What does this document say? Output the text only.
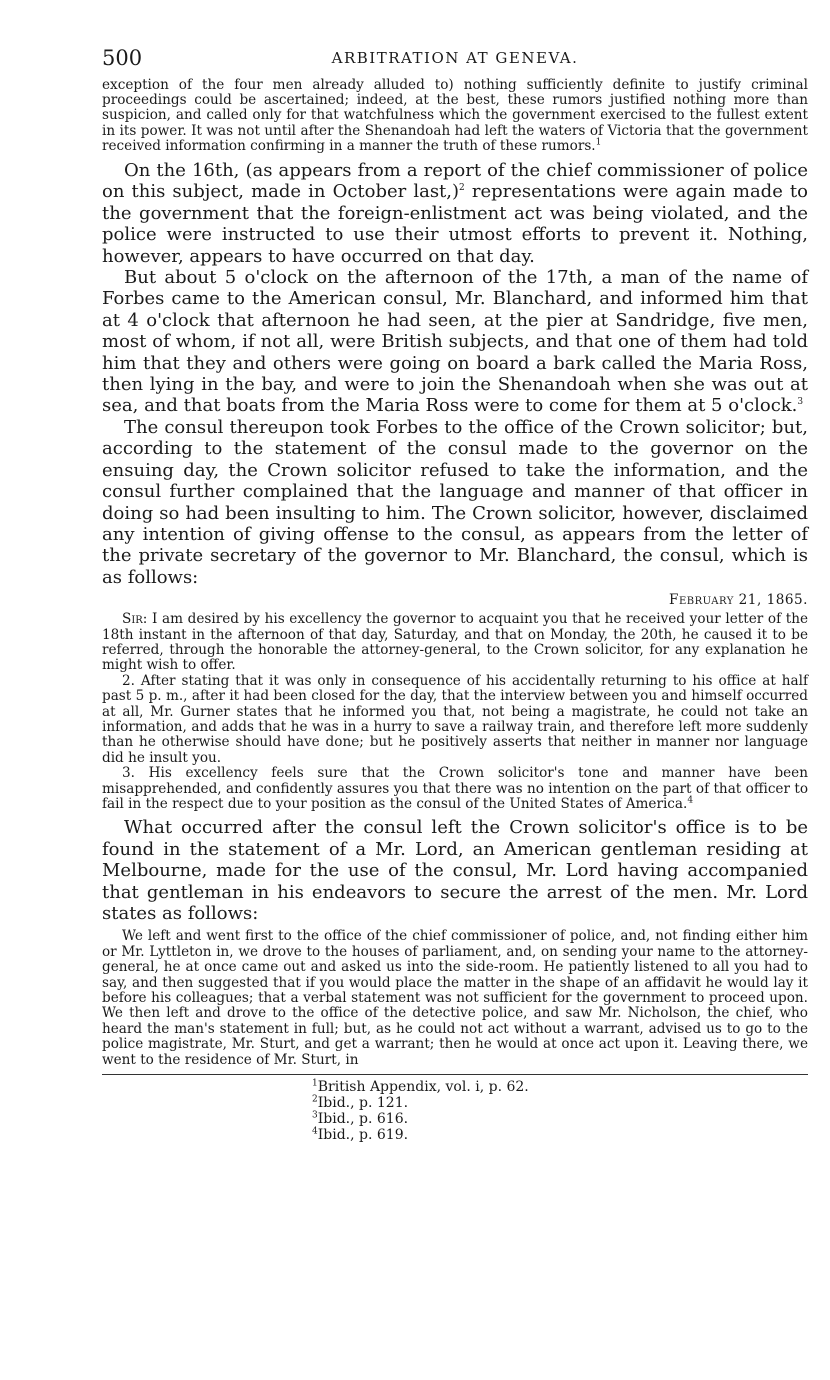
500	ARBITRATION AT GENEVA.

exception of the four men already alluded to) nothing sufficiently definite to justify criminal proceedings could be ascertained; indeed, at the best, these rumors justified nothing more than suspicion, and called only for that watchfulness which the government exercised to the fullest extent in its power. It was not until after the Shenandoah had left the waters of Victoria that the government received information confirming in a manner the truth of these rumors.$^1$

On the 16th, (as appears from a report of the chief commissioner of police on this subject, made in October last,)$^2$ representations were again made to the government that the foreign-enlistment act was being violated, and the police were instructed to use their utmost efforts to prevent it. Nothing, however, appears to have occurred on that day.

But about 5 o'clock on the afternoon of the 17th, a man of the name of Forbes came to the American consul, Mr. Blanchard, and informed him that at 4 o'clock that afternoon he had seen, at the pier at Sandridge, five men, most of whom, if not all, were British subjects, and that one of them had told him that they and others were going on board a bark called the Maria Ross, then lying in the bay, and were to join the Shenandoah when she was out at sea, and that boats from the Maria Ross were to come for them at 5 o'clock.$^3$

The consul thereupon took Forbes to the office of the Crown solicitor; but, according to the statement of the consul made to the governor on the ensuing day, the Crown solicitor refused to take the information, and the consul further complained that the language and manner of that officer in doing so had been insulting to him. The Crown solicitor, however, disclaimed any intention of giving offense to the consul, as appears from the letter of the private secretary of the governor to Mr. Blanchard, the consul, which is as follows:

February 21, 1865.

Sir: I am desired by his excellency the governor to acquaint you that he received your letter of the 18th instant in the afternoon of that day, Saturday, and that on Monday, the 20th, he caused it to be referred, through the honorable the attorney-general, to the Crown solicitor, for any explanation he might wish to offer.

2. After stating that it was only in consequence of his accidentally returning to his office at half past 5 p. m., after it had been closed for the day, that the interview between you and himself occurred at all, Mr. Gurner states that he informed you that, not being a magistrate, he could not take an information, and adds that he was in a hurry to save a railway train, and therefore left more suddenly than he otherwise should have done; but he positively asserts that neither in manner nor language did he insult you.

3. His excellency feels sure that the Crown solicitor's tone and manner have been misapprehended, and confidently assures you that there was no intention on the part of that officer to fail in the respect due to your position as the consul of the United States of America.$^4$

What occurred after the consul left the Crown solicitor's office is to be found in the statement of a Mr. Lord, an American gentleman residing at Melbourne, made for the use of the consul, Mr. Lord having accompanied that gentleman in his endeavors to secure the arrest of the men. Mr. Lord states as follows:

We left and went first to the office of the chief commissioner of police, and, not finding either him or Mr. Lyttleton in, we drove to the houses of parliament, and, on sending your name to the attorney-general, he at once came out and asked us into the side-room. He patiently listened to all you had to say, and then suggested that if you would place the matter in the shape of an affidavit he would lay it before his colleagues; that a verbal statement was not sufficient for the government to proceed upon. We then left and drove to the office of the detective police, and saw Mr. Nicholson, the chief, who heard the man's statement in full; but, as he could not act without a warrant, advised us to go to the police magistrate, Mr. Sturt, and get a warrant; then he would at once act upon it. Leaving there, we went to the residence of Mr. Sturt, in

$^1$British Appendix, vol. i, p. 62.

$^2$Ibid., p. 121.

$^3$Ibid., p. 616.

$^4$Ibid., p. 619.
